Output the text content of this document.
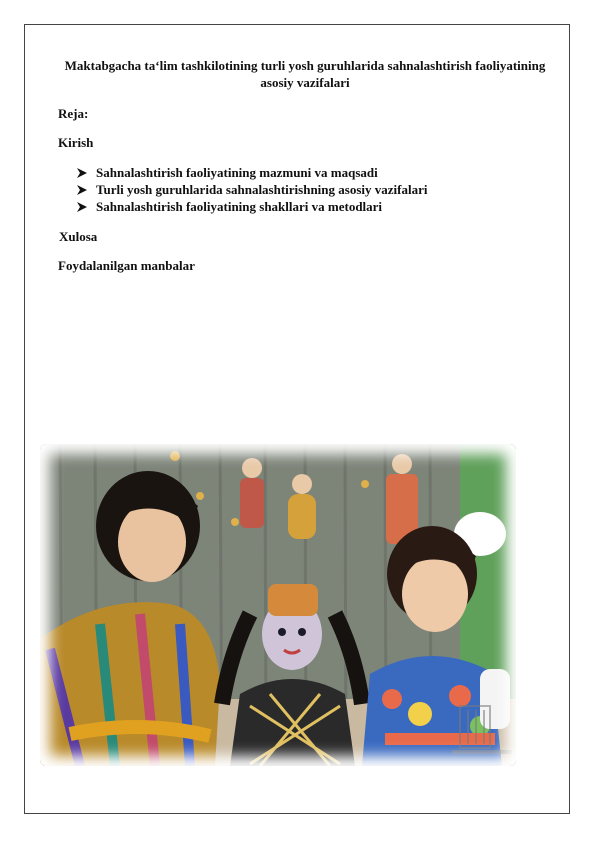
Maktabgacha ta‘lim tashkilotining turli yosh guruhlarida sahnalashtirish faoliyatining asosiy vazifalari
Reja:
Kirish
Sahnalashtirish faoliyatining mazmuni va maqsadi
Turli yosh guruhlarida sahnalashtirishning asosiy vazifalari
Sahnalashtirish faoliyatining shakllari va metodlari
Xulosa
Foydalanilgan manbalar
